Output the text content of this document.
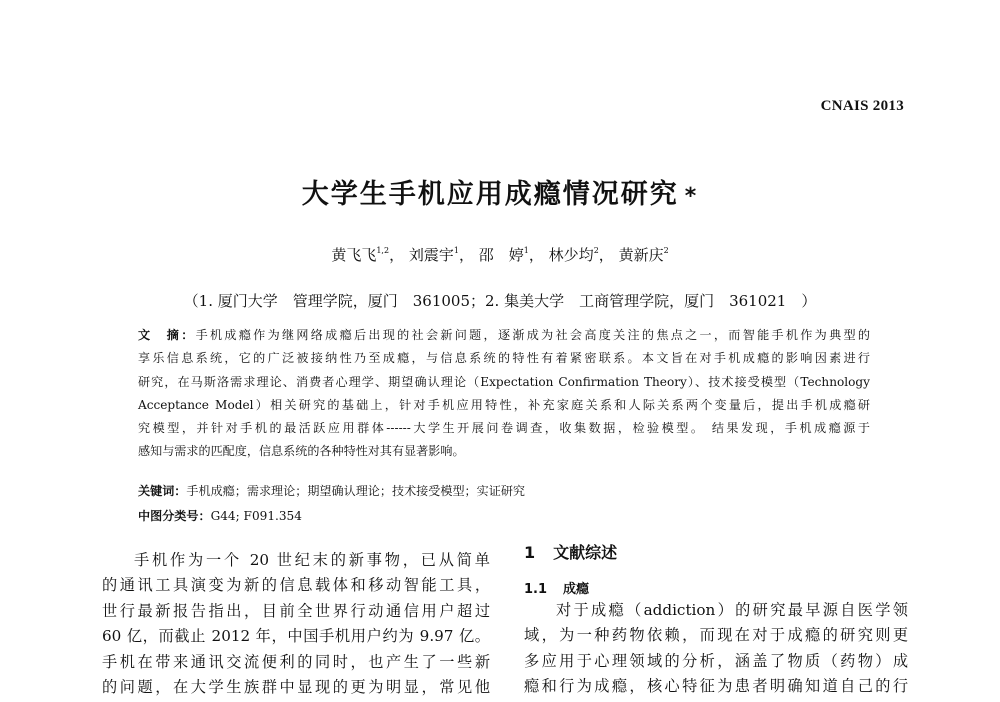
CNAIS 2013
大学生手机应用成瘾情况研究 *
黄飞飞$^{1,2}$， 刘震宇$^1$， 邵　婷$^1$， 林少均$^2$， 黄新庆$^2$
（1. 厦门大学　管理学院，厦门　361005；2. 集美大学　工商管理学院，厦门　361021　）
文　摘：手机成瘾作为继网络成瘾后出现的社会新问题，逐渐成为社会高度关注的焦点之一，而智能手机作为典型的
享乐信息系统，它的广泛被接纳性乃至成瘾，与信息系统的特性有着紧密联系。本文旨在对手机成瘾的影响因素进行
研究，在马斯洛需求理论、消费者心理学、期望确认理论（Expectation Confirmation Theory）、技术接受模型（Technology
Acceptance Model）相关研究的基础上，针对手机应用特性，补充家庭关系和人际关系两个变量后，提出手机成瘾研
究模型，并针对手机的最活跃应用群体------大学生开展问卷调查，收集数据，检验模型。 结果发现，手机成瘾源于
感知与需求的匹配度，信息系统的各种特性对其有显著影响。
关键词：手机成瘾；需求理论；期望确认理论；技术接受模型；实证研究
中图分类号：G44; F091.354
手机作为一个 20 世纪末的新事物，已从简单
的通讯工具演变为新的信息载体和移动智能工具，
世行最新报告指出，目前全世界行动通信用户超过
60 亿，而截止 2012 年，中国手机用户约为 9.97 亿。
手机在带来通讯交流便利的同时，也产生了一些新
的问题，在大学生族群中显现的更为明显，常见他
1 文献综述
1.1 成瘾
对于成瘾（addiction）的研究最早源自医学领
域，为一种药物依赖，而现在对于成瘾的研究则更
多应用于心理领域的分析，涵盖了物质（药物）成
瘾和行为成瘾，核心特征为患者明确知道自己的行
